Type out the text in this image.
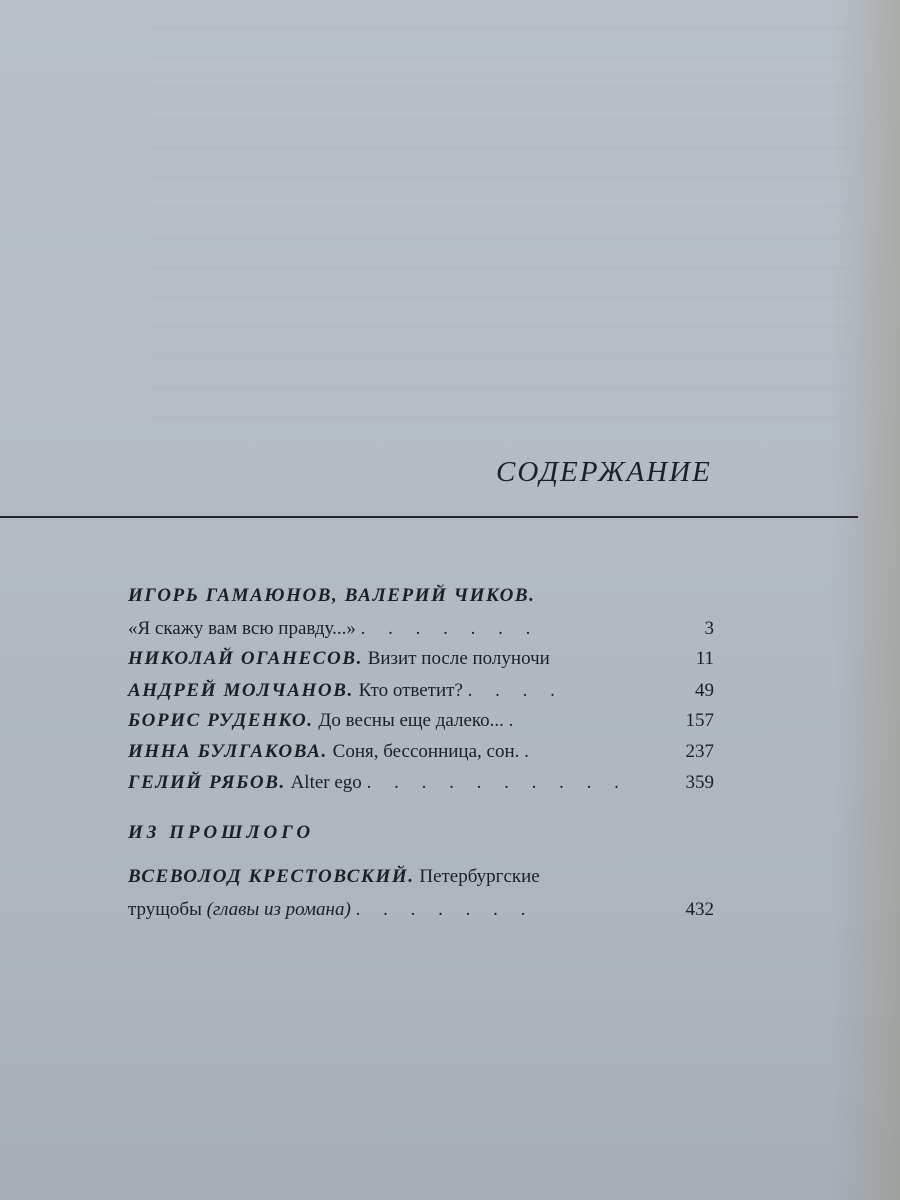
СОДЕРЖАНИЕ
ИГОРЬ ГАМАЮНОВ, ВАЛЕРИЙ ЧИКОВ.
«Я скажу вам всю правду...» . . . . . . .	3
НИКОЛАЙ ОГАНЕСОВ. Визит после полуночи	11
АНДРЕЙ МОЛЧАНОВ. Кто ответит? . . . .	49
БОРИС РУДЕНКО. До весны еще далеко... .	157
ИННА БУЛГАКОВА. Соня, бессонница, сон. .	237
ГЕЛИЙ РЯБОВ. Alter ego . . . . . . . . . .	359
ИЗ ПРОШЛОГО
ВСЕВОЛОД КРЕСТОВСКИЙ. Петербургские
трущобы (главы из романа) . . . . . . .	432
